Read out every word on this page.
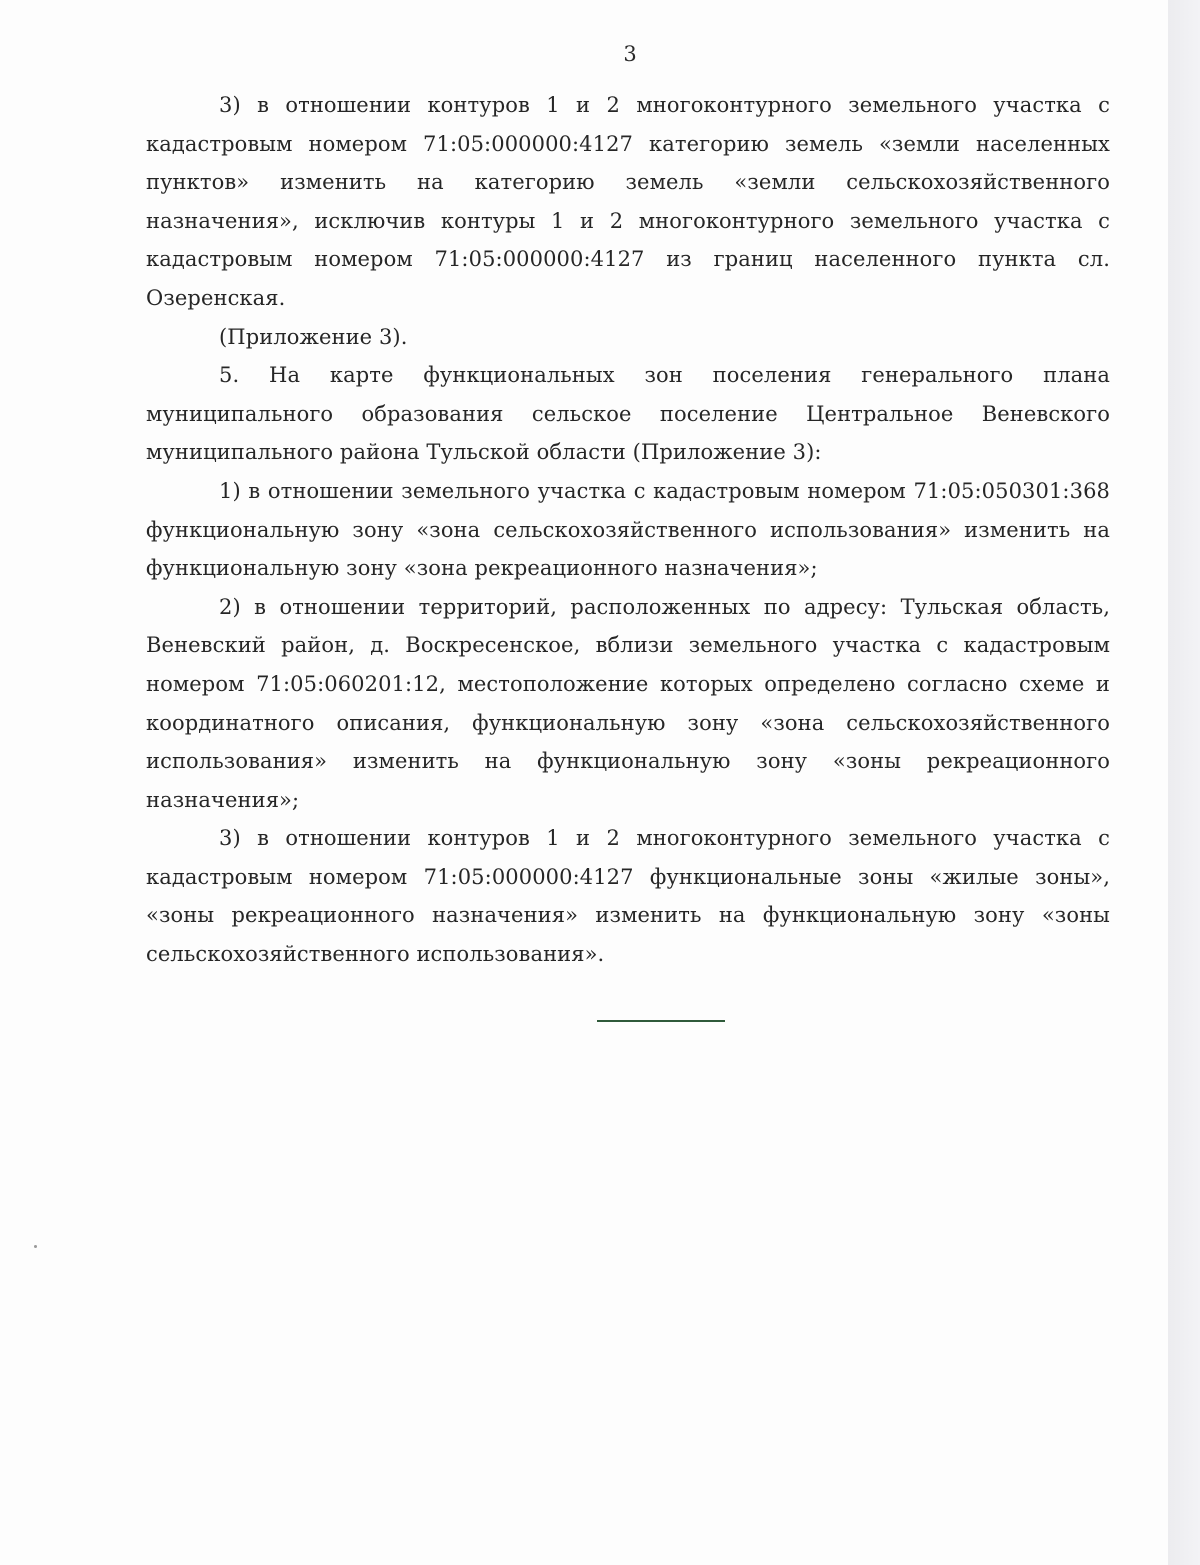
3

3) в отношении контуров 1 и 2 многоконтурного земельного участка с кадастровым номером 71:05:000000:4127 категорию земель «земли населенных пунктов» изменить на категорию земель «земли сельскохозяйственного назначения», исключив контуры 1 и 2 многоконтурного земельного участка с кадастровым номером 71:05:000000:4127 из границ населенного пункта сл. Озеренская.

(Приложение 3).

5. На карте функциональных зон поселения генерального плана муниципального образования сельское поселение Центральное Веневского муниципального района Тульской области (Приложение 3):

1) в отношении земельного участка с кадастровым номером 71:05:050301:368 функциональную зону «зона сельскохозяйственного использования» изменить на функциональную зону «зона рекреационного назначения»;

2) в отношении территорий, расположенных по адресу: Тульская область, Веневский район, д. Воскресенское, вблизи земельного участка с кадастровым номером 71:05:060201:12, местоположение которых определено согласно схеме и координатного описания, функциональную зону «зона сельскохозяйственного использования» изменить на функциональную зону «зоны рекреационного назначения»;

3) в отношении контуров 1 и 2 многоконтурного земельного участка с кадастровым номером 71:05:000000:4127 функциональные зоны «жилые зоны», «зоны рекреационного назначения» изменить на функциональную зону «зоны сельскохозяйственного использования».
